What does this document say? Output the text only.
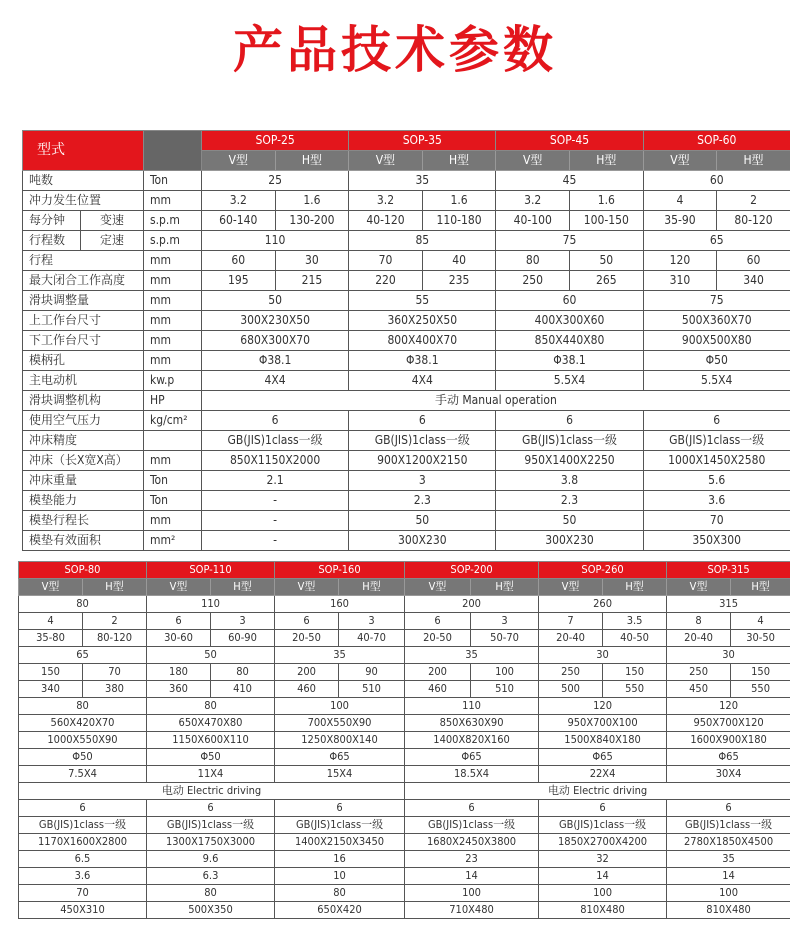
产品技术参数
型式			SOP-25		SOP-35		SOP-45		SOP-60	
			V型	H型	V型	H型	V型	H型	V型	H型
吨数		Ton	25		35		45		60	
冲力发生位置		mm	3.2	1.6	3.2	1.6	3.2	1.6	4	2
每分钟	变速	s.p.m	60-140	130-200	40-120	110-180	40-100	100-150	35-90	80-120
行程数	定速	s.p.m	110		85		75		65	
行程		mm	60	30	70	40	80	50	120	60
最大闭合工作高度		mm	195	215	220	235	250	265	310	340
滑块调整量		mm	50		55		60		75	
上工作台尺寸		mm	300X230X50		360X250X50		400X300X60		500X360X70	
下工作台尺寸		mm	680X300X70		800X400X70		850X440X80		900X500X80	
模柄孔		mm	Φ38.1		Φ38.1		Φ38.1		Φ50	
主电动机		kw.p	4X4		4X4		5.5X4		5.5X4	
滑块调整机构		HP	手动 Manual operation							
使用空气压力		kg/cm²	6		6		6		6	
冲床精度			GB(JIS)1class一级		GB(JIS)1class一级		GB(JIS)1class一级		GB(JIS)1class一级	
冲床（长X宽X高）		mm	850X1150X2000		900X1200X2150		950X1400X2250		1000X1450X2580	
冲床重量		Ton	2.1		3		3.8		5.6	
模垫能力		Ton	-		2.3		2.3		3.6	
模垫行程长		mm	-		50		50		70	
模垫有效面积		mm²	-		300X230		300X230		350X300	
SOP-80		SOP-110		SOP-160		SOP-200		SOP-260		SOP-315	
V型	H型	V型	H型	V型	H型	V型	H型	V型	H型	V型	H型
80		110		160		200		260		315	
4	2	6	3	6	3	6	3	7	3.5	8	4
35-80	80-120	30-60	60-90	20-50	40-70	20-50	50-70	20-40	40-50	20-40	30-50
65		50		35		35		30		30	
150	70	180	80	200	90	200	100	250	150	250	150
340	380	360	410	460	510	460	510	500	550	450	550
80		80		100		110		120		120	
560X420X70		650X470X80		700X550X90		850X630X90		950X700X100		950X700X120	
1000X550X90		1150X600X110		1250X800X140		1400X820X160		1500X840X180		1600X900X180	
Φ50		Φ50		Φ65		Φ65		Φ65		Φ65	
7.5X4		11X4		15X4		18.5X4		22X4		30X4	
电动 Electric driving						电动 Electric driving					
6		6		6		6		6		6	
GB(JIS)1class一级		GB(JIS)1class一级		GB(JIS)1class一级		GB(JIS)1class一级		GB(JIS)1class一级		GB(JIS)1class一级	
1170X1600X2800		1300X1750X3000		1400X2150X3450		1680X2450X3800		1850X2700X4200		2780X1850X4500	
6.5		9.6		16		23		32		35	
3.6		6.3		10		14		14		14	
70		80		80		100		100		100	
450X310		500X350		650X420		710X480		810X480		810X480	
